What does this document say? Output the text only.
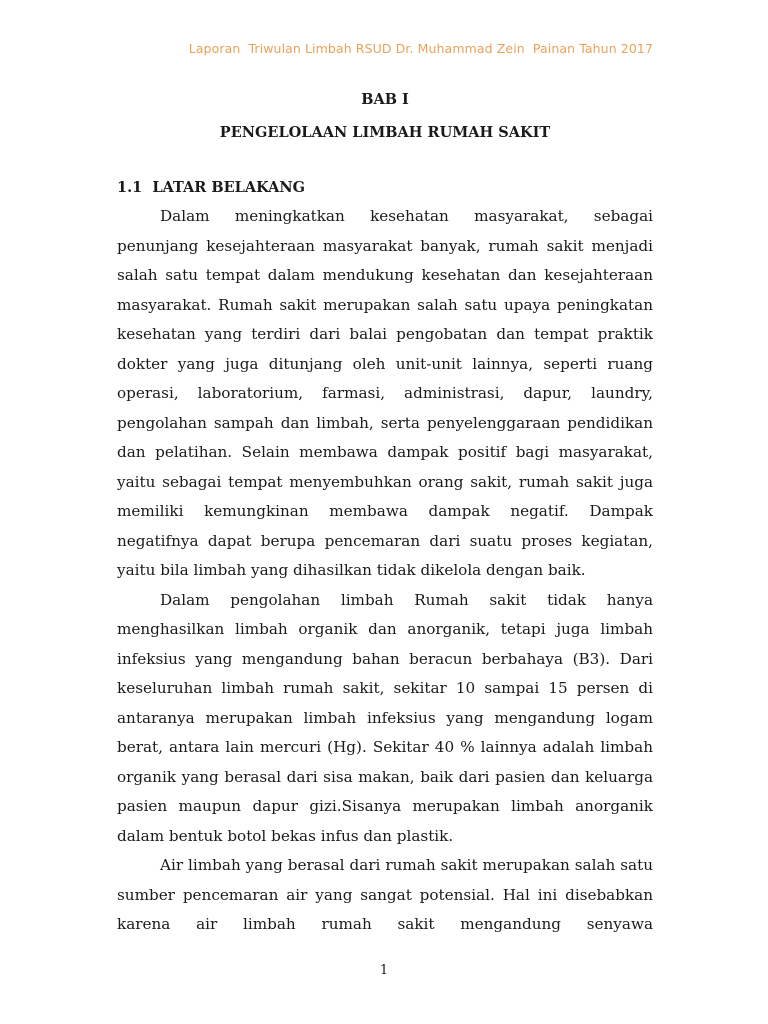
Laporan  Triwulan Limbah RSUD Dr. Muhammad Zein  Painan Tahun 2017
BAB I
PENGELOLAAN LIMBAH RUMAH SAKIT
1.1  LATAR BELAKANG

Dalam meningkatkan kesehatan masyarakat, sebagai penunjang kesejahteraan masyarakat banyak, rumah sakit menjadi salah satu tempat dalam mendukung kesehatan dan kesejahteraan masyarakat. Rumah sakit merupakan salah satu upaya peningkatan kesehatan yang terdiri dari balai pengobatan dan tempat praktik dokter yang juga ditunjang oleh unit-unit lainnya, seperti ruang operasi, laboratorium, farmasi, administrasi, dapur, laundry, pengolahan sampah dan limbah, serta penyelenggaraan pendidikan dan pelatihan. Selain membawa dampak positif bagi masyarakat, yaitu sebagai tempat menyembuhkan orang sakit, rumah sakit juga memiliki kemungkinan membawa dampak negatif. Dampak negatifnya dapat berupa pencemaran dari suatu proses kegiatan, yaitu bila limbah yang dihasilkan tidak dikelola dengan baik.

Dalam pengolahan limbah Rumah sakit tidak hanya menghasilkan limbah organik dan anorganik, tetapi juga limbah infeksius yang mengandung bahan beracun berbahaya (B3). Dari keseluruhan limbah rumah sakit, sekitar 10 sampai 15 persen di antaranya merupakan limbah infeksius yang mengandung logam berat, antara lain mercuri (Hg). Sekitar 40 % lainnya adalah limbah organik yang berasal dari sisa makan, baik dari pasien dan keluarga pasien maupun dapur gizi.Sisanya merupakan limbah anorganik dalam bentuk botol bekas infus dan plastik.

Air limbah yang berasal dari rumah sakit merupakan salah satu sumber pencemaran air yang sangat potensial. Hal ini disebabkan karena air limbah rumah sakit mengandung senyawa

1
